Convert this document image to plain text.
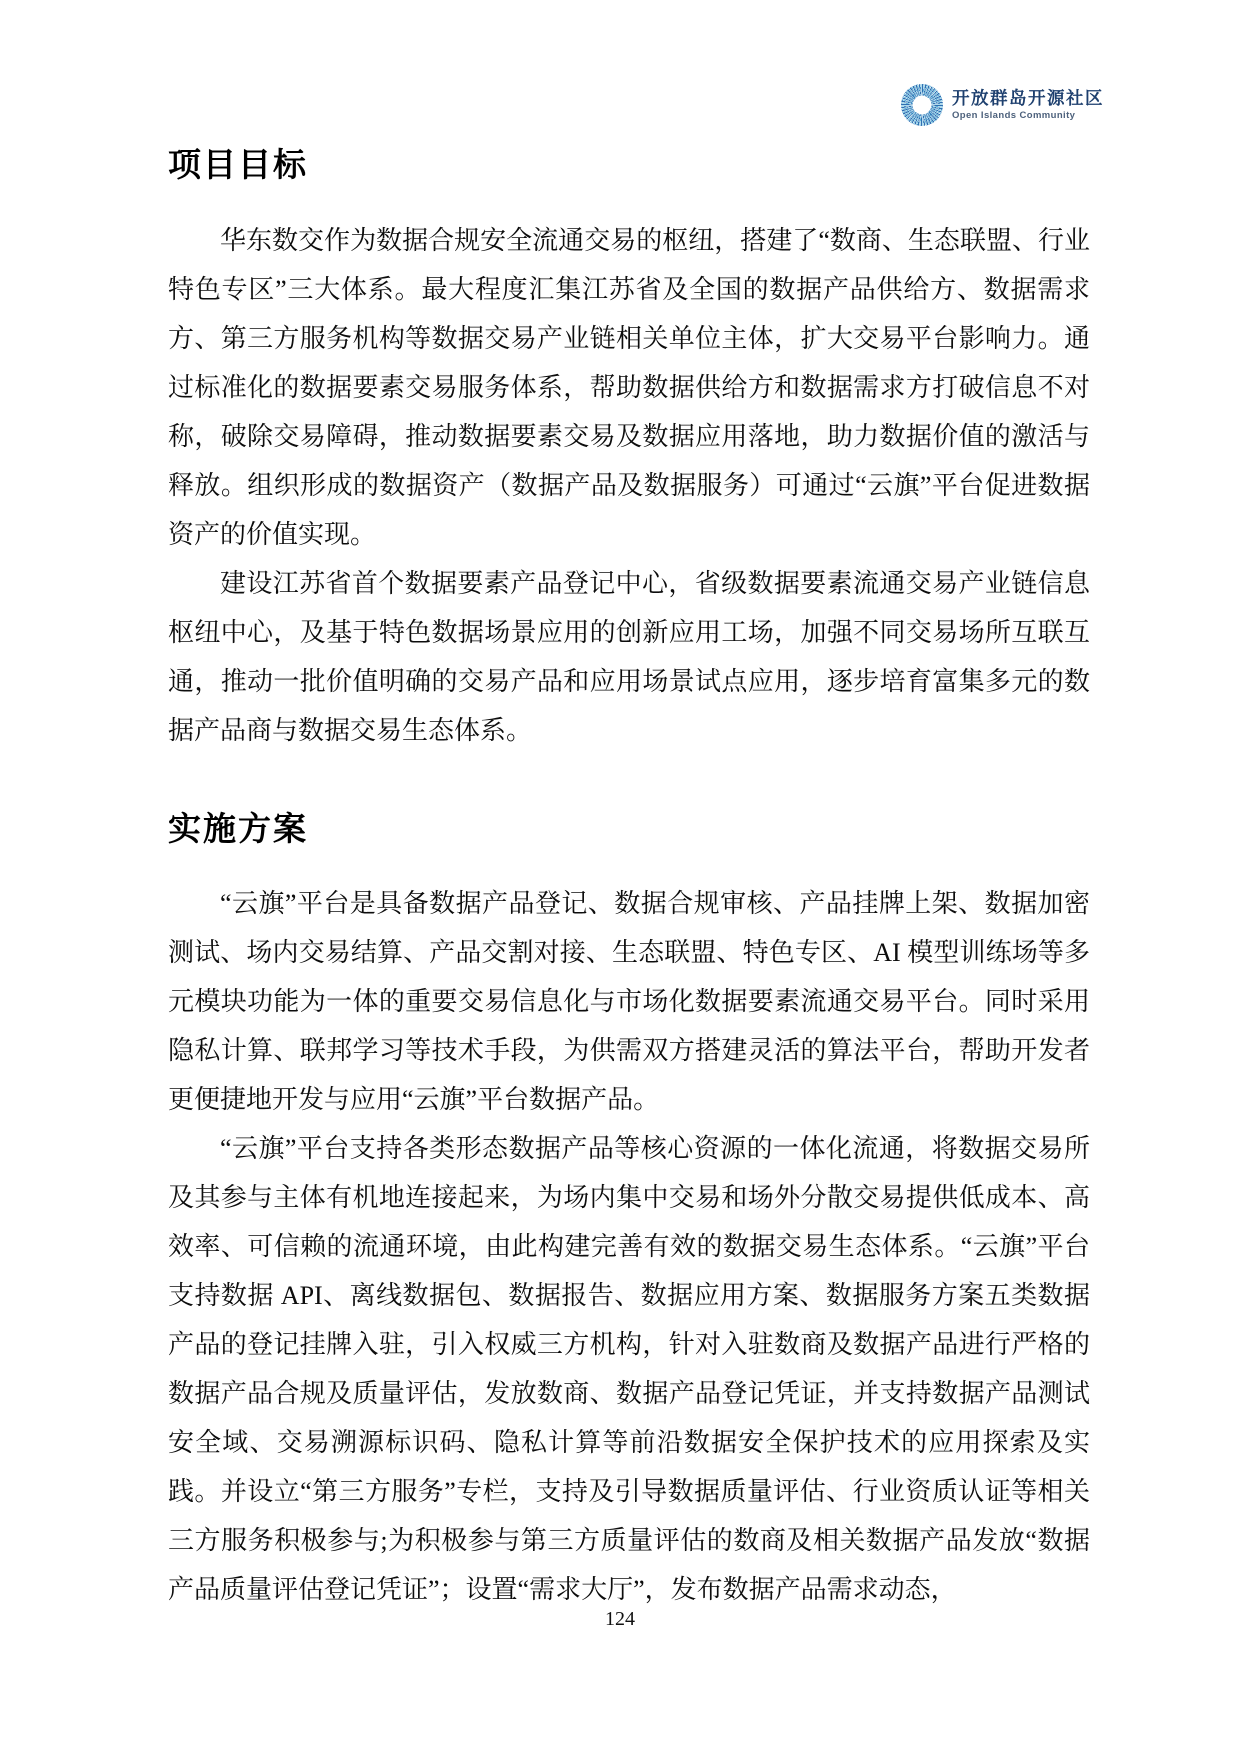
开放群岛开源社区
Open Islands Community
项目目标

华东数交作为数据合规安全流通交易的枢纽，搭建了“数商、生态联盟、行业特色专区”三大体系。最大程度汇集江苏省及全国的数据产品供给方、数据需求方、第三方服务机构等数据交易产业链相关单位主体，扩大交易平台影响力。通过标准化的数据要素交易服务体系，帮助数据供给方和数据需求方打破信息不对称，破除交易障碍，推动数据要素交易及数据应用落地，助力数据价值的激活与释放。组织形成的数据资产（数据产品及数据服务）可通过“云旗”平台促进数据资产的价值实现。

建设江苏省首个数据要素产品登记中心，省级数据要素流通交易产业链信息枢纽中心，及基于特色数据场景应用的创新应用工场，加强不同交易场所互联互通，推动一批价值明确的交易产品和应用场景试点应用，逐步培育富集多元的数据产品商与数据交易生态体系。

实施方案

“云旗”平台是具备数据产品登记、数据合规审核、产品挂牌上架、数据加密测试、场内交易结算、产品交割对接、生态联盟、特色专区、AI 模型训练场等多元模块功能为一体的重要交易信息化与市场化数据要素流通交易平台。同时采用隐私计算、联邦学习等技术手段，为供需双方搭建灵活的算法平台，帮助开发者更便捷地开发与应用“云旗”平台数据产品。

“云旗”平台支持各类形态数据产品等核心资源的一体化流通，将数据交易所及其参与主体有机地连接起来，为场内集中交易和场外分散交易提供低成本、高效率、可信赖的流通环境，由此构建完善有效的数据交易生态体系。“云旗”平台支持数据 API、离线数据包、数据报告、数据应用方案、数据服务方案五类数据产品的登记挂牌入驻，引入权威三方机构，针对入驻数商及数据产品进行严格的数据产品合规及质量评估，发放数商、数据产品登记凭证，并支持数据产品测试安全域、交易溯源标识码、隐私计算等前沿数据安全保护技术的应用探索及实践。并设立“第三方服务”专栏，支持及引导数据质量评估、行业资质认证等相关三方服务积极参与;为积极参与第三方质量评估的数商及相关数据产品发放“数据产品质量评估登记凭证”；设置“需求大厅”，发布数据产品需求动态，

124
